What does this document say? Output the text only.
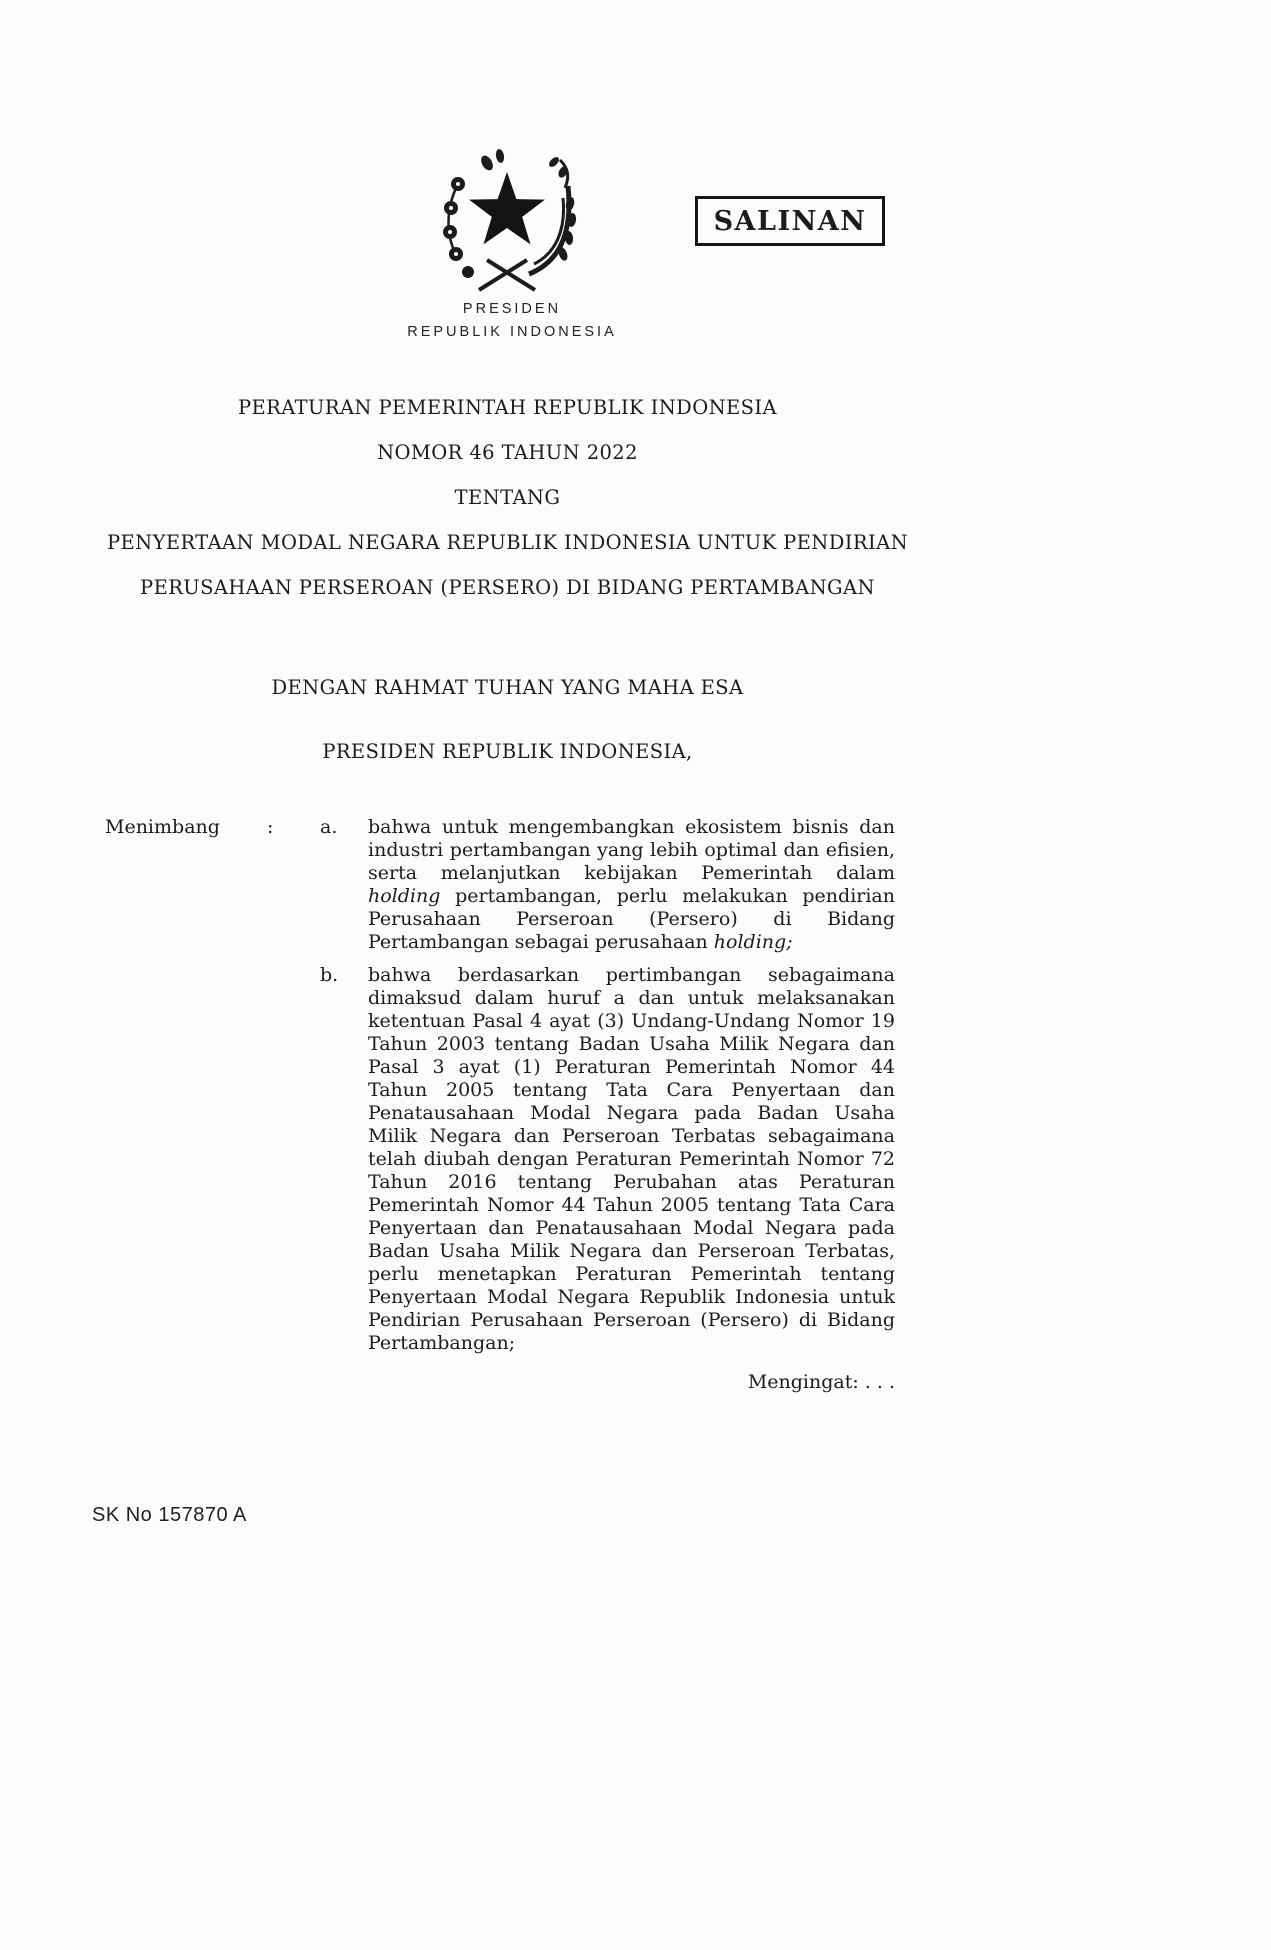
SALINAN
PRESIDEN
REPUBLIK INDONESIA

PERATURAN PEMERINTAH REPUBLIK INDONESIA

NOMOR 46 TAHUN 2022

TENTANG

PENYERTAAN MODAL NEGARA REPUBLIK INDONESIA UNTUK PENDIRIAN

PERUSAHAAN PERSEROAN (PERSERO) DI BIDANG PERTAMBANGAN

DENGAN RAHMAT TUHAN YANG MAHA ESA

PRESIDEN REPUBLIK INDONESIA,

Menimbang	:	a.	bahwa untuk mengembangkan ekosistem bisnis dan industri pertambangan yang lebih optimal dan efisien, serta melanjutkan kebijakan Pemerintah dalam holding pertambangan, perlu melakukan pendirian Perusahaan Perseroan (Persero) di Bidang Pertambangan sebagai perusahaan holding;

b.	bahwa berdasarkan pertimbangan sebagaimana dimaksud dalam huruf a dan untuk melaksanakan ketentuan Pasal 4 ayat (3) Undang-Undang Nomor 19 Tahun 2003 tentang Badan Usaha Milik Negara dan Pasal 3 ayat (1) Peraturan Pemerintah Nomor 44 Tahun 2005 tentang Tata Cara Penyertaan dan Penatausahaan Modal Negara pada Badan Usaha Milik Negara dan Perseroan Terbatas sebagaimana telah diubah dengan Peraturan Pemerintah Nomor 72 Tahun 2016 tentang Perubahan atas Peraturan Pemerintah Nomor 44 Tahun 2005 tentang Tata Cara Penyertaan dan Penatausahaan Modal Negara pada Badan Usaha Milik Negara dan Perseroan Terbatas, perlu menetapkan Peraturan Pemerintah tentang Penyertaan Modal Negara Republik Indonesia untuk Pendirian Perusahaan Perseroan (Persero) di Bidang Pertambangan;

Mengingat: . . .

SK No 157870 A
